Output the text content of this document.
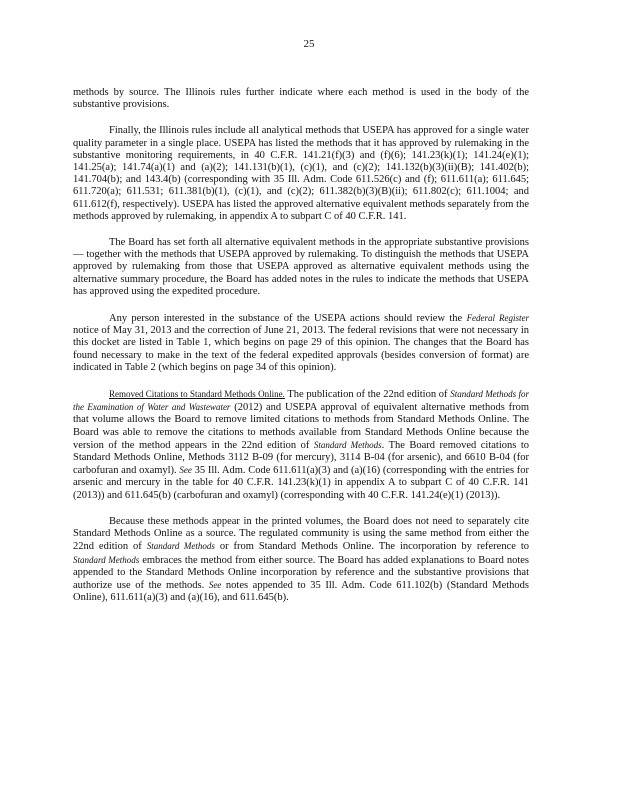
25

methods by source. The Illinois rules further indicate where each method is used in the body of the substantive provisions.

Finally, the Illinois rules include all analytical methods that USEPA has approved for a single water quality parameter in a single place. USEPA has listed the methods that it has approved by rulemaking in the substantive monitoring requirements, in 40 C.F.R. 141.21(f)(3) and (f)(6); 141.23(k)(1); 141.24(e)(1); 141.25(a); 141.74(a)(1) and (a)(2); 141.131(b)(1), (c)(1), and (c)(2); 141.132(b)(3)(ii)(B); 141.402(b); 141.704(b); and 143.4(b) (corresponding with 35 Ill. Adm. Code 611.526(c) and (f); 611.611(a); 611.645; 611.720(a); 611.531; 611.381(b)(1), (c)(1), and (c)(2); 611.382(b)(3)(B)(ii); 611.802(c); 611.1004; and 611.612(f), respectively). USEPA has listed the approved alternative equivalent methods separately from the methods approved by rulemaking, in appendix A to subpart C of 40 C.F.R. 141.

The Board has set forth all alternative equivalent methods in the appropriate substantive provisions — together with the methods that USEPA approved by rulemaking. To distinguish the methods that USEPA approved by rulemaking from those that USEPA approved as alternative equivalent methods using the alternative summary procedure, the Board has added notes in the rules to indicate the methods that USEPA has approved using the expedited procedure.

Any person interested in the substance of the USEPA actions should review the Federal Register notice of May 31, 2013 and the correction of June 21, 2013. The federal revisions that were not necessary in this docket are listed in Table 1, which begins on page 29 of this opinion. The changes that the Board has found necessary to make in the text of the federal expedited approvals (besides conversion of format) are indicated in Table 2 (which begins on page 34 of this opinion).

Removed Citations to Standard Methods Online. The publication of the 22nd edition of Standard Methods for the Examination of Water and Wastewater (2012) and USEPA approval of equivalent alternative methods from that volume allows the Board to remove limited citations to methods from Standard Methods Online. The Board was able to remove the citations to methods available from Standard Methods Online because the version of the method appears in the 22nd edition of Standard Methods. The Board removed citations to Standard Methods Online, Methods 3112 B-09 (for mercury), 3114 B-04 (for arsenic), and 6610 B-04 (for carbofuran and oxamyl). See 35 Ill. Adm. Code 611.611(a)(3) and (a)(16) (corresponding with the entries for arsenic and mercury in the table for 40 C.F.R. 141.23(k)(1) in appendix A to subpart C of 40 C.F.R. 141 (2013)) and 611.645(b) (carbofuran and oxamyl) (corresponding with 40 C.F.R. 141.24(e)(1) (2013)).

Because these methods appear in the printed volumes, the Board does not need to separately cite Standard Methods Online as a source. The regulated community is using the same method from either the 22nd edition of Standard Methods or from Standard Methods Online. The incorporation by reference to Standard Methods embraces the method from either source. The Board has added explanations to Board notes appended to the Standard Methods Online incorporation by reference and the substantive provisions that authorize use of the methods. See notes appended to 35 Ill. Adm. Code 611.102(b) (Standard Methods Online), 611.611(a)(3) and (a)(16), and 611.645(b).
